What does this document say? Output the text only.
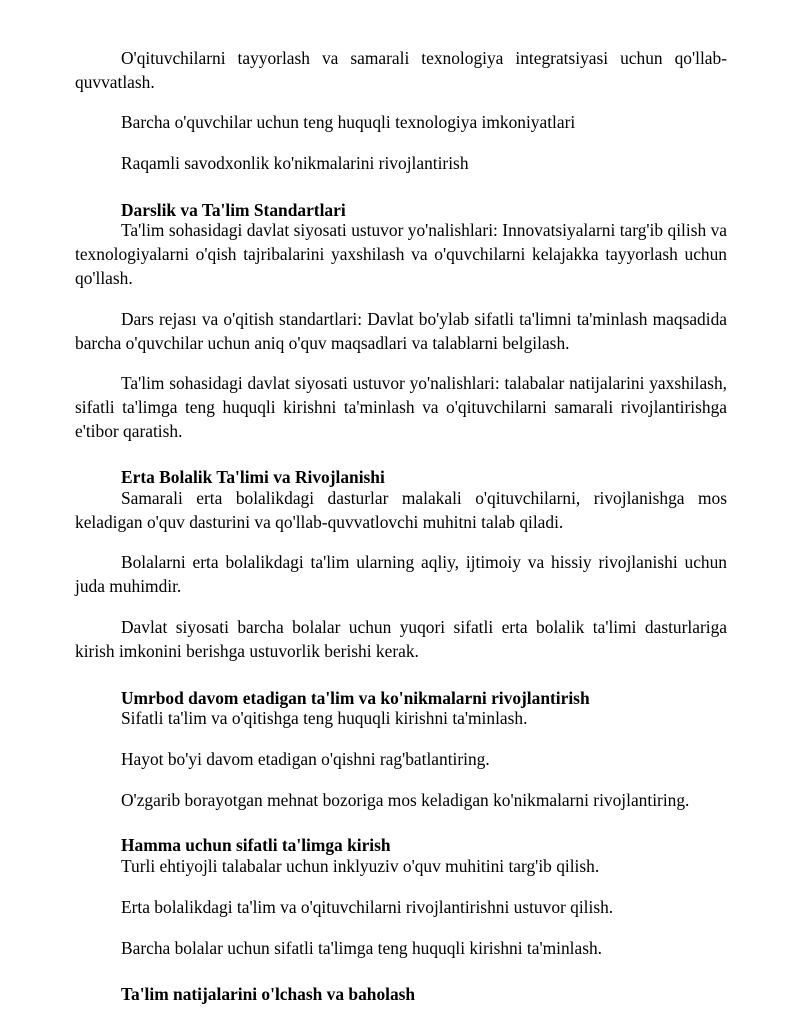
O'qituvchilarni tayyorlash va samarali texnologiya integratsiyasi uchun qo'llab-quvvatlash.

Barcha o'quvchilar uchun teng huquqli texnologiya imkoniyatlari

Raqamli savodxonlik ko'nikmalarini rivojlantirish

Darslik va Ta'lim Standartlari

Ta'lim sohasidagi davlat siyosati ustuvor yo'nalishlari: Innovatsiyalarni targ'ib qilish va texnologiyalarni o'qish tajribalarini yaxshilash va o'quvchilarni kelajakka tayyorlash uchun qo'llash.

Dars rejası va o'qitish standartlari: Davlat bo'ylab sifatli ta'limni ta'minlash maqsadida barcha o'quvchilar uchun aniq o'quv maqsadlari va talablarni belgilash.

Ta'lim sohasidagi davlat siyosati ustuvor yo'nalishlari: talabalar natijalarini yaxshilash, sifatli ta'limga teng huquqli kirishni ta'minlash va o'qituvchilarni samarali rivojlantirishga e'tibor qaratish.

Erta Bolalik Ta'limi va Rivojlanishi

Samarali erta bolalikdagi dasturlar malakali o'qituvchilarni, rivojlanishga mos keladigan o'quv dasturini va qo'llab-quvvatlovchi muhitni talab qiladi.

Bolalarni erta bolalikdagi ta'lim ularning aqliy, ijtimoiy va hissiy rivojlanishi uchun juda muhimdir.

Davlat siyosati barcha bolalar uchun yuqori sifatli erta bolalik ta'limi dasturlariga kirish imkonini berishga ustuvorlik berishi kerak.

Umrbod davom etadigan ta'lim va ko'nikmalarni rivojlantirish

Sifatli ta'lim va o'qitishga teng huquqli kirishni ta'minlash.

Hayot bo'yi davom etadigan o'qishni rag'batlantiring.

O'zgarib borayotgan mehnat bozoriga mos keladigan ko'nikmalarni rivojlantiring.

Hamma uchun sifatli ta'limga kirish

Turli ehtiyojli talabalar uchun inklyuziv o'quv muhitini targ'ib qilish.

Erta bolalikdagi ta'lim va o'qituvchilarni rivojlantirishni ustuvor qilish.

Barcha bolalar uchun sifatli ta'limga teng huquqli kirishni ta'minlash.

Ta'lim natijalarini o'lchash va baholash
